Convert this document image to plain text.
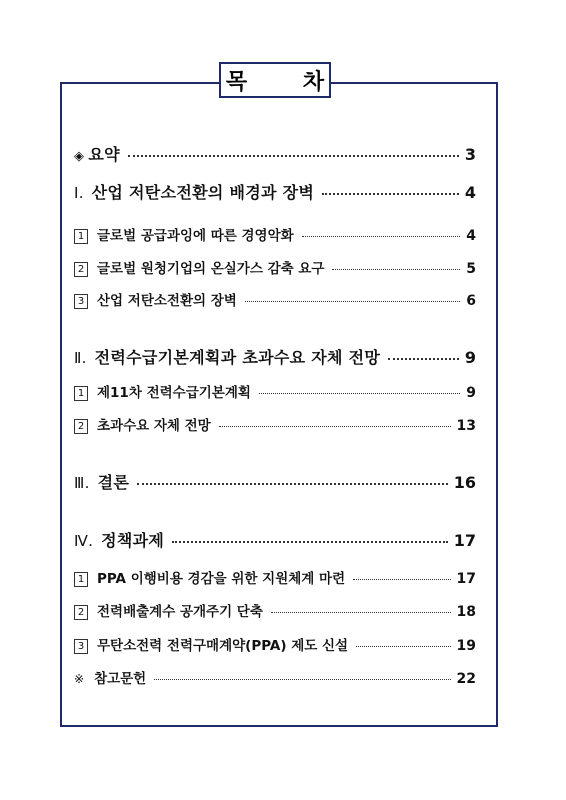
목 차
◈ 요약	3
Ⅰ. 산업 저탄소전환의 배경과 장벽	4
1 글로벌 공급과잉에 따른 경영악화	4
2 글로벌 원청기업의 온실가스 감축 요구	5
3 산업 저탄소전환의 장벽	6
Ⅱ. 전력수급기본계획과 초과수요 자체 전망	9
1 제11차 전력수급기본계획	9
2 초과수요 자체 전망	13
Ⅲ. 결론	16
Ⅳ. 정책과제	17
1 PPA 이행비용 경감을 위한 지원체계 마련	17
2 전력배출계수 공개주기 단축	18
3 무탄소전력 전력구매계약(PPA) 제도 신설	19
※ 참고문헌	22
